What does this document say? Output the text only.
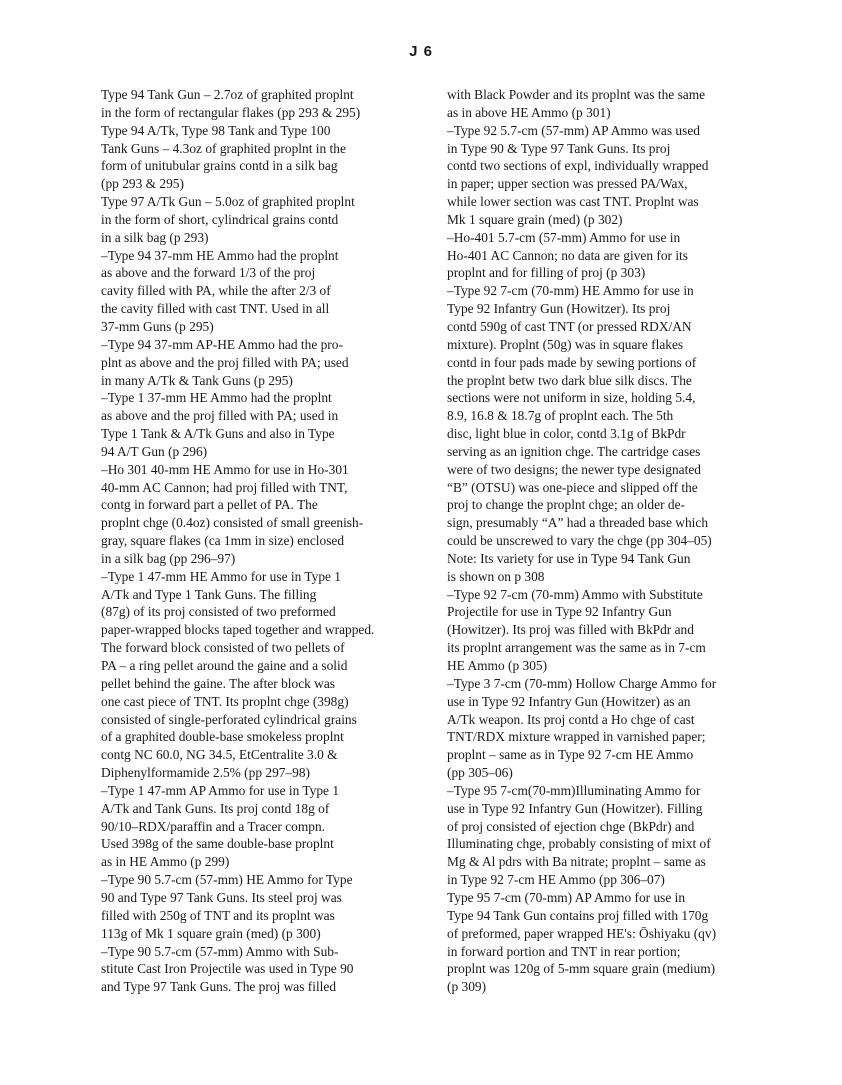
J 6
Type 94 Tank Gun – 2.7oz of graphited proplnt
in the form of rectangular flakes (pp 293 & 295)
Type 94 A/Tk, Type 98 Tank and Type 100
Tank Guns – 4.3oz of graphited proplnt in the
form of unitubular grains contd in a silk bag
(pp 293 & 295)
Type 97 A/Tk Gun – 5.0oz of graphited proplnt
in the form of short, cylindrical grains contd
in a silk bag (p 293)
–Type 94 37-mm HE Ammo had the proplnt
as above and the forward 1/3 of the proj
cavity filled with PA, while the after 2/3 of
the cavity filled with cast TNT. Used in all
37-mm Guns (p 295)
–Type 94 37-mm AP-HE Ammo had the pro-
plnt as above and the proj filled with PA; used
in many A/Tk & Tank Guns (p 295)
–Type 1 37-mm HE Ammo had the proplnt
as above and the proj filled with PA; used in
Type 1 Tank & A/Tk Guns and also in Type
94 A/T Gun (p 296)
–Ho 301 40-mm HE Ammo for use in Ho-301
40-mm AC Cannon; had proj filled with TNT,
contg in forward part a pellet of PA. The
proplnt chge (0.4oz) consisted of small greenish-
gray, square flakes (ca 1mm in size) enclosed
in a silk bag (pp 296–97)
–Type 1 47-mm HE Ammo for use in Type 1
A/Tk and Type 1 Tank Guns. The filling
(87g) of its proj consisted of two preformed
paper-wrapped blocks taped together and wrapped.
The forward block consisted of two pellets of
PA – a ring pellet around the gaine and a solid
pellet behind the gaine. The after block was
one cast piece of TNT. Its proplnt chge (398g)
consisted of single-perforated cylindrical grains
of a graphited double-base smokeless proplnt
contg NC 60.0, NG 34.5, EtCentralite 3.0 &
Diphenylformamide 2.5% (pp 297–98)
–Type 1 47-mm AP Ammo for use in Type 1
A/Tk and Tank Guns. Its proj contd 18g of
90/10–RDX/paraffin and a Tracer compn.
Used 398g of the same double-base proplnt
as in HE Ammo (p 299)
–Type 90 5.7-cm (57-mm) HE Ammo for Type
90 and Type 97 Tank Guns. Its steel proj was
filled with 250g of TNT and its proplnt was
113g of Mk 1 square grain (med) (p 300)
–Type 90 5.7-cm (57-mm) Ammo with Sub-
stitute Cast Iron Projectile was used in Type 90
and Type 97 Tank Guns. The proj was filled
with Black Powder and its proplnt was the same
as in above HE Ammo (p 301)
–Type 92 5.7-cm (57-mm) AP Ammo was used
in Type 90 & Type 97 Tank Guns. Its proj
contd two sections of expl, individually wrapped
in paper; upper section was pressed PA/Wax,
while lower section was cast TNT. Proplnt was
Mk 1 square grain (med) (p 302)
–Ho-401 5.7-cm (57-mm) Ammo for use in
Ho-401 AC Cannon; no data are given for its
proplnt and for filling of proj (p 303)
–Type 92 7-cm (70-mm) HE Ammo for use in
Type 92 Infantry Gun (Howitzer). Its proj
contd 590g of cast TNT (or pressed RDX/AN
mixture). Proplnt (50g) was in square flakes
contd in four pads made by sewing portions of
the proplnt betw two dark blue silk discs. The
sections were not uniform in size, holding 5.4,
8.9, 16.8 & 18.7g of proplnt each. The 5th
disc, light blue in color, contd 3.1g of BkPdr
serving as an ignition chge. The cartridge cases
were of two designs; the newer type designated
“B” (OTSU) was one-piece and slipped off the
proj to change the proplnt chge; an older de-
sign, presumably “A” had a threaded base which
could be unscrewed to vary the chge (pp 304–05)
Note: Its variety for use in Type 94 Tank Gun
is shown on p 308
–Type 92 7-cm (70-mm) Ammo with Substitute
Projectile for use in Type 92 Infantry Gun
(Howitzer). Its proj was filled with BkPdr and
its proplnt arrangement was the same as in 7-cm
HE Ammo (p 305)
–Type 3 7-cm (70-mm) Hollow Charge Ammo for
use in Type 92 Infantry Gun (Howitzer) as an
A/Tk weapon. Its proj contd a Ho chge of cast
TNT/RDX mixture wrapped in varnished paper;
proplnt – same as in Type 92 7-cm HE Ammo
(pp 305–06)
–Type 95 7-cm(70-mm)Illuminating Ammo for
use in Type 92 Infantry Gun (Howitzer). Filling
of proj consisted of ejection chge (BkPdr) and
Illuminating chge, probably consisting of mixt of
Mg & Al pdrs with Ba nitrate; proplnt – same as
in Type 92 7-cm HE Ammo (pp 306–07)
Type 95 7-cm (70-mm) AP Ammo for use in
Type 94 Tank Gun contains proj filled with 170g
of preformed, paper wrapped HE's: Ōshiyaku (qv)
in forward portion and TNT in rear portion;
proplnt was 120g of 5-mm square grain (medium)
(p 309)
